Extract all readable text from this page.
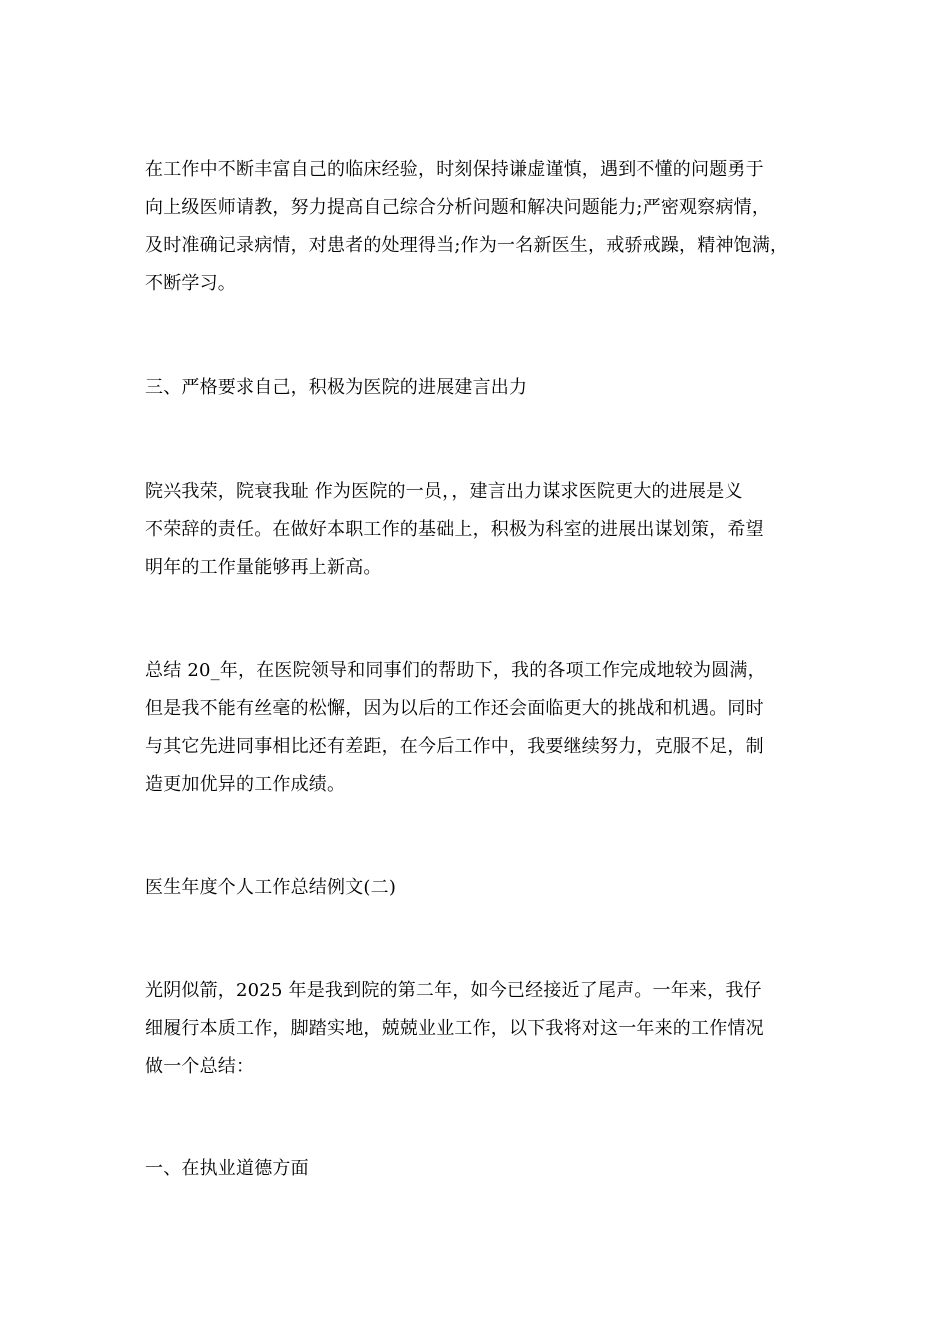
在工作中不断丰富自己的临床经验，时刻保持谦虚谨慎，遇到不懂的问题勇于
向上级医师请教，努力提高自己综合分析问题和解决问题能力;严密观察病情，
及时准确记录病情，对患者的处理得当;作为一名新医生，戒骄戒躁，精神饱满，
不断学习。
三、严格要求自己，积极为医院的进展建言出力
院兴我荣，院衰我耻 作为医院的一员，，建言出力谋求医院更大的进展是义
不荣辞的责任。在做好本职工作的基础上，积极为科室的进展出谋划策，希望
明年的工作量能够再上新高。
总结 20_年，在医院领导和同事们的帮助下，我的各项工作完成地较为圆满，
但是我不能有丝毫的松懈，因为以后的工作还会面临更大的挑战和机遇。同时
与其它先进同事相比还有差距，在今后工作中，我要继续努力，克服不足，制
造更加优异的工作成绩。
医生年度个人工作总结例文(二)
光阴似箭，2025 年是我到院的第二年，如今已经接近了尾声。一年来，我仔
细履行本质工作，脚踏实地，兢兢业业工作，以下我将对这一年来的工作情况
做一个总结：
一、在执业道德方面
